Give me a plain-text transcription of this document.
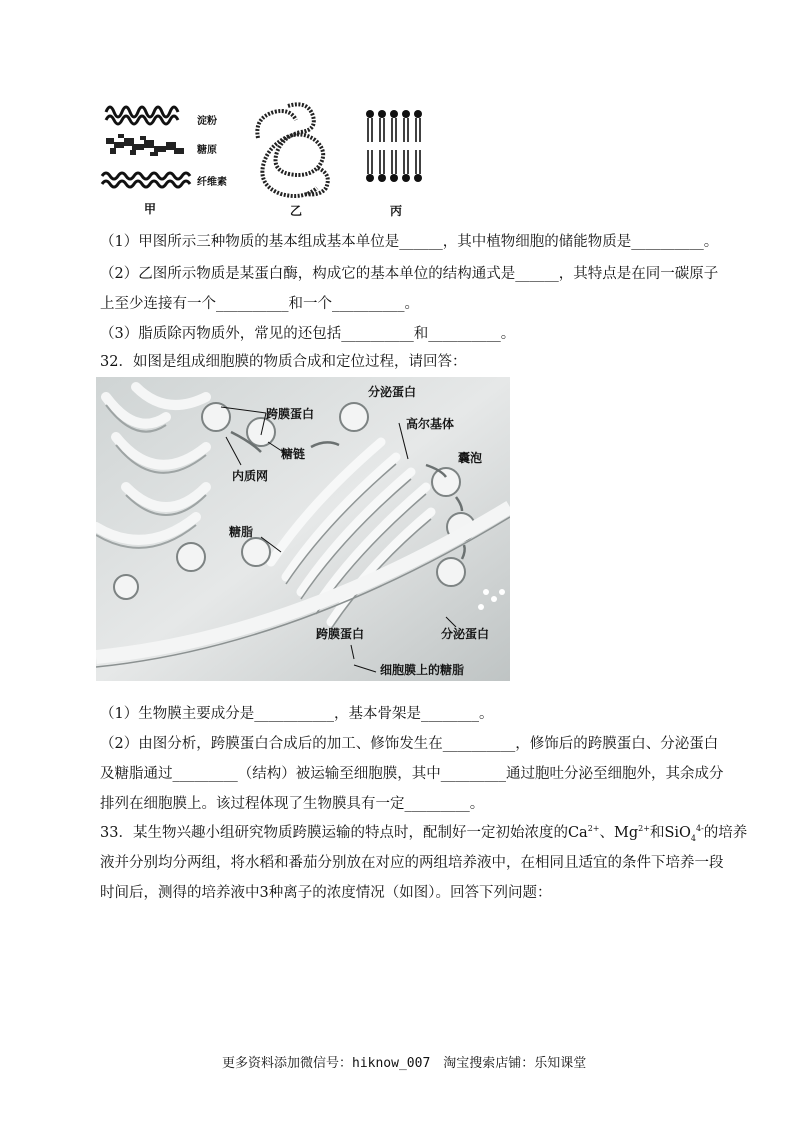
淀粉
糖原
纤维素
甲	乙	丙
（1）甲图所示三种物质的基本组成基本单位是______，其中植物细胞的储能物质是__________。
（2）乙图所示物质是某蛋白酶，构成它的基本单位的结构通式是______，其特点是在同一碳原子
上至少连接有一个__________和一个__________。
（3）脂质除丙物质外，常见的还包括__________和__________。
32．如图是组成细胞膜的物质合成和定位过程，请回答：
跨膜蛋白
分泌蛋白
高尔基体
糖链	囊泡
内质网
糖脂
跨膜蛋白	分泌蛋白
细胞膜上的糖脂
（1）生物膜主要成分是___________，基本骨架是________。
（2）由图分析，跨膜蛋白合成后的加工、修饰发生在__________，修饰后的跨膜蛋白、分泌蛋白
及糖脂通过_________（结构）被运输至细胞膜，其中_________通过胞吐分泌至细胞外，其余成分
排列在细胞膜上。该过程体现了生物膜具有一定_________。
33．某生物兴趣小组研究物质跨膜运输的特点时，配制好一定初始浓度的$Ca^{2+}$、$Mg^{2+}$和SiO$_4^{4-}$的培养
液并分别均分两组，将水稻和番茄分别放在对应的两组培养液中，在相同且适宜的条件下培养一段
时间后，测得的培养液中3种离子的浓度情况（如图）。回答下列问题：
更多资料添加微信号：hiknow_007　淘宝搜索店铺：乐知课堂
